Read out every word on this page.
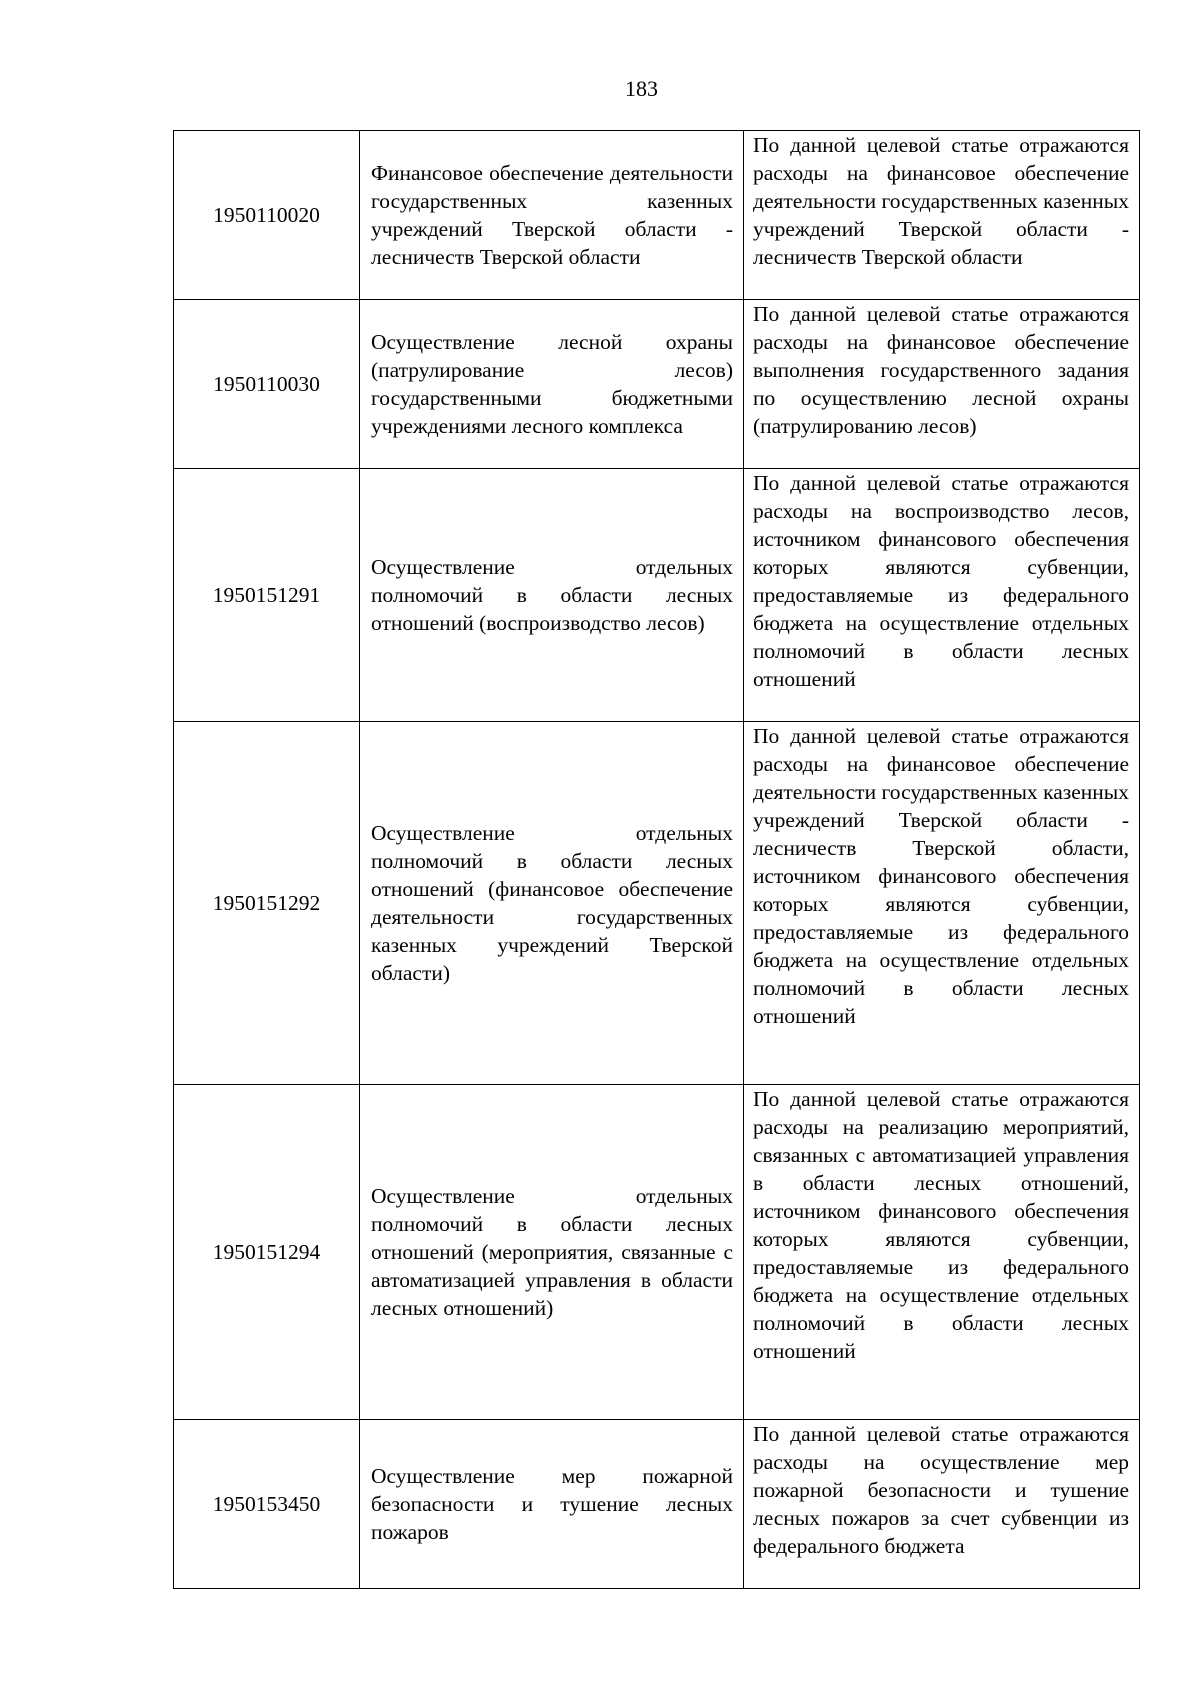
183
1950110020	Финансовое обеспечение деятельности государственных казенных учреждений Тверской области - лесничеств Тверской области	По данной целевой статье отражаются расходы на финансовое обеспечение деятельности государственных казенных учреждений Тверской области - лесничеств Тверской области
1950110030	Осуществление лесной охраны (патрулирование лесов) государственными бюджетными учреждениями лесного комплекса	По данной целевой статье отражаются расходы на финансовое обеспечение выполнения государственного задания по осуществлению лесной охраны (патрулированию лесов)
1950151291	Осуществление отдельных полномочий в области лесных отношений (воспроизводство лесов)	По данной целевой статье отражаются расходы на воспроизводство лесов, источником финансового обеспечения которых являются субвенции, предоставляемые из федерального бюджета на осуществление отдельных полномочий в области лесных отношений
1950151292	Осуществление отдельных полномочий в области лесных отношений (финансовое обеспечение деятельности государственных казенных учреждений Тверской области)	По данной целевой статье отражаются расходы на финансовое обеспечение деятельности государственных казенных учреждений Тверской области - лесничеств Тверской области, источником финансового обеспечения которых являются субвенции, предоставляемые из федерального бюджета на осуществление отдельных полномочий в области лесных отношений
1950151294	Осуществление отдельных полномочий в области лесных отношений (мероприятия, связанные с автоматизацией управления в области лесных отношений)	По данной целевой статье отражаются расходы на реализацию мероприятий, связанных с автоматизацией управления в области лесных отношений, источником финансового обеспечения которых являются субвенции, предоставляемые из федерального бюджета на осуществление отдельных полномочий в области лесных отношений
1950153450	Осуществление мер пожарной безопасности и тушение лесных пожаров	По данной целевой статье отражаются расходы на осуществление мер пожарной безопасности и тушение лесных пожаров за счет субвенции из федерального бюджета
